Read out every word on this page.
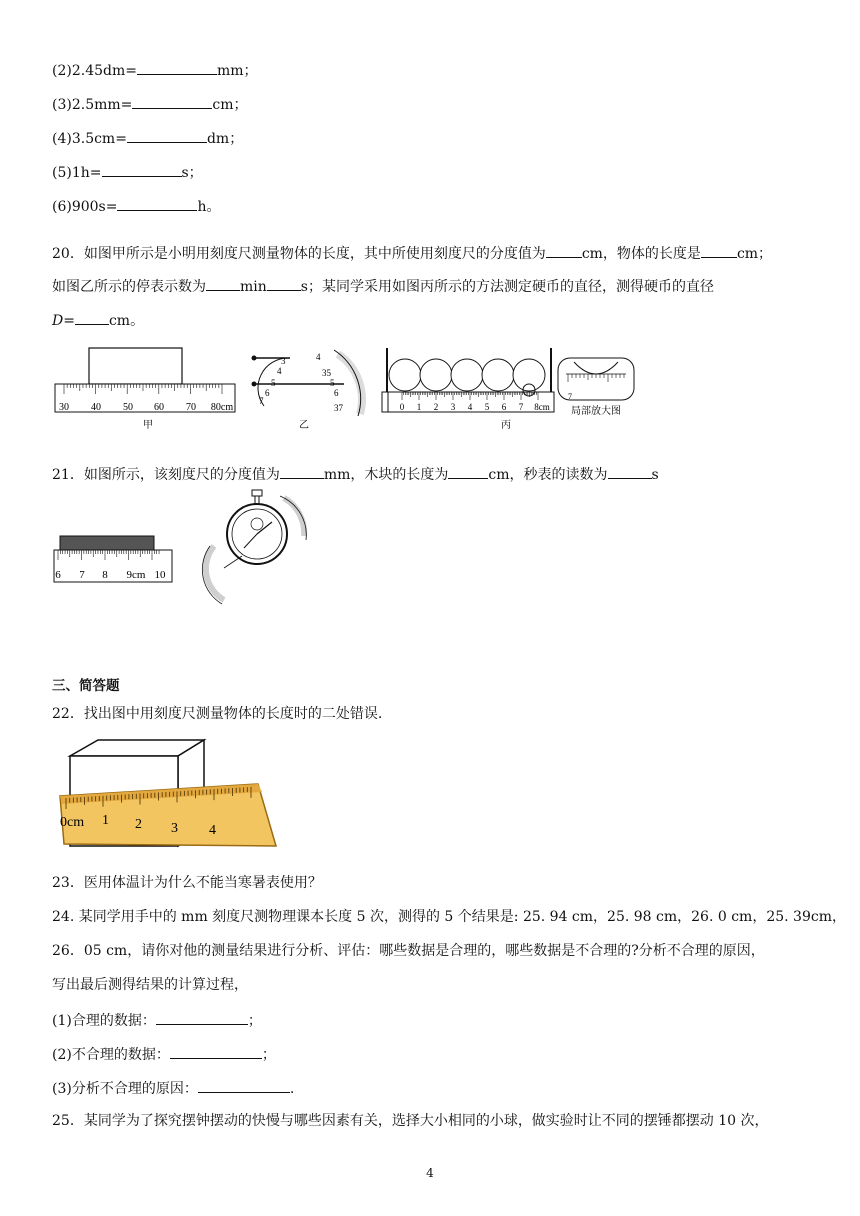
(2)2.45dm=	mm；
(3)2.5mm=	cm；
(4)3.5cm=	dm；
(5)1h=	s；
(6)900s=	h。
20．如图甲所示是小明用刻度尺测量物体的长度，其中所使用刻度尺的分度值为	cm，物体的长度是	cm；
如图乙所示的停表示数为 min s；某同学采用如图丙所示的方法测定硬币的直径，测得硬币的直径
D= cm。
30 40 50 60 70 80cm
甲
3
4
5
6
7
4
35
5
6
37
乙
0 1 2 3 4 5 6 7 8cm
丙
7
局部放大图
21．如图所示，该刻度尺的分度值为	mm，木块的长度为	cm，秒表的读数为	s
6 7 8 9cm 10
三、简答题
22．找出图中用刻度尺测量物体的长度时的二处错误.
0cm 1 2 3 4
23．医用体温计为什么不能当寒暑表使用？
24. 某同学用手中的 mm 刻度尺测物理课本长度 5 次，测得的 5 个结果是: 25. 94 cm，25. 98 cm，26. 0 cm，25. 39cm，
26．05 cm，请你对他的测量结果进行分析、评估：哪些数据是合理的，哪些数据是不合理的?分析不合理的原因，
写出最后测得结果的计算过程，
(1)合理的数据：	；
(2)不合理的数据：	；
(3)分析不合理的原因：	.
25．某同学为了探究摆钟摆动的快慢与哪些因素有关，选择大小相同的小球，做实验时让不同的摆锤都摆动 10 次，
4
